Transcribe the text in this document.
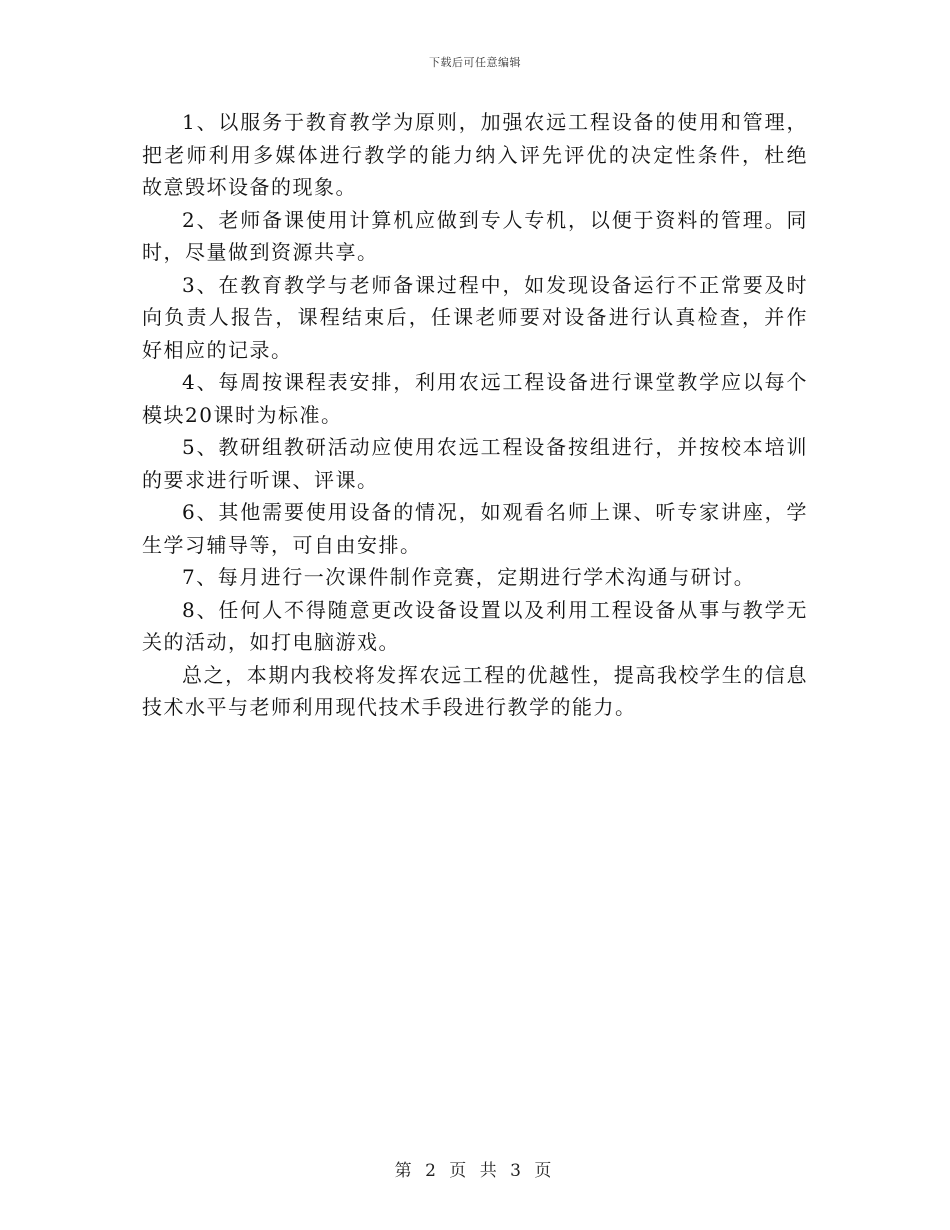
下载后可任意编辑

1、以服务于教育教学为原则，加强农远工程设备的使用和管理，把老师利用多媒体进行教学的能力纳入评先评优的决定性条件，杜绝故意毁坏设备的现象。

2、老师备课使用计算机应做到专人专机，以便于资料的管理。同时，尽量做到资源共享。

3、在教育教学与老师备课过程中，如发现设备运行不正常要及时向负责人报告，课程结束后，任课老师要对设备进行认真检查，并作好相应的记录。

4、每周按课程表安排，利用农远工程设备进行课堂教学应以每个模块20课时为标准。

5、教研组教研活动应使用农远工程设备按组进行，并按校本培训的要求进行听课、评课。

6、其他需要使用设备的情况，如观看名师上课、听专家讲座，学生学习辅导等，可自由安排。

7、每月进行一次课件制作竞赛，定期进行学术沟通与研讨。

8、任何人不得随意更改设备设置以及利用工程设备从事与教学无关的活动，如打电脑游戏。

总之，本期内我校将发挥农远工程的优越性，提高我校学生的信息技术水平与老师利用现代技术手段进行教学的能力。

第 2 页 共 3 页
